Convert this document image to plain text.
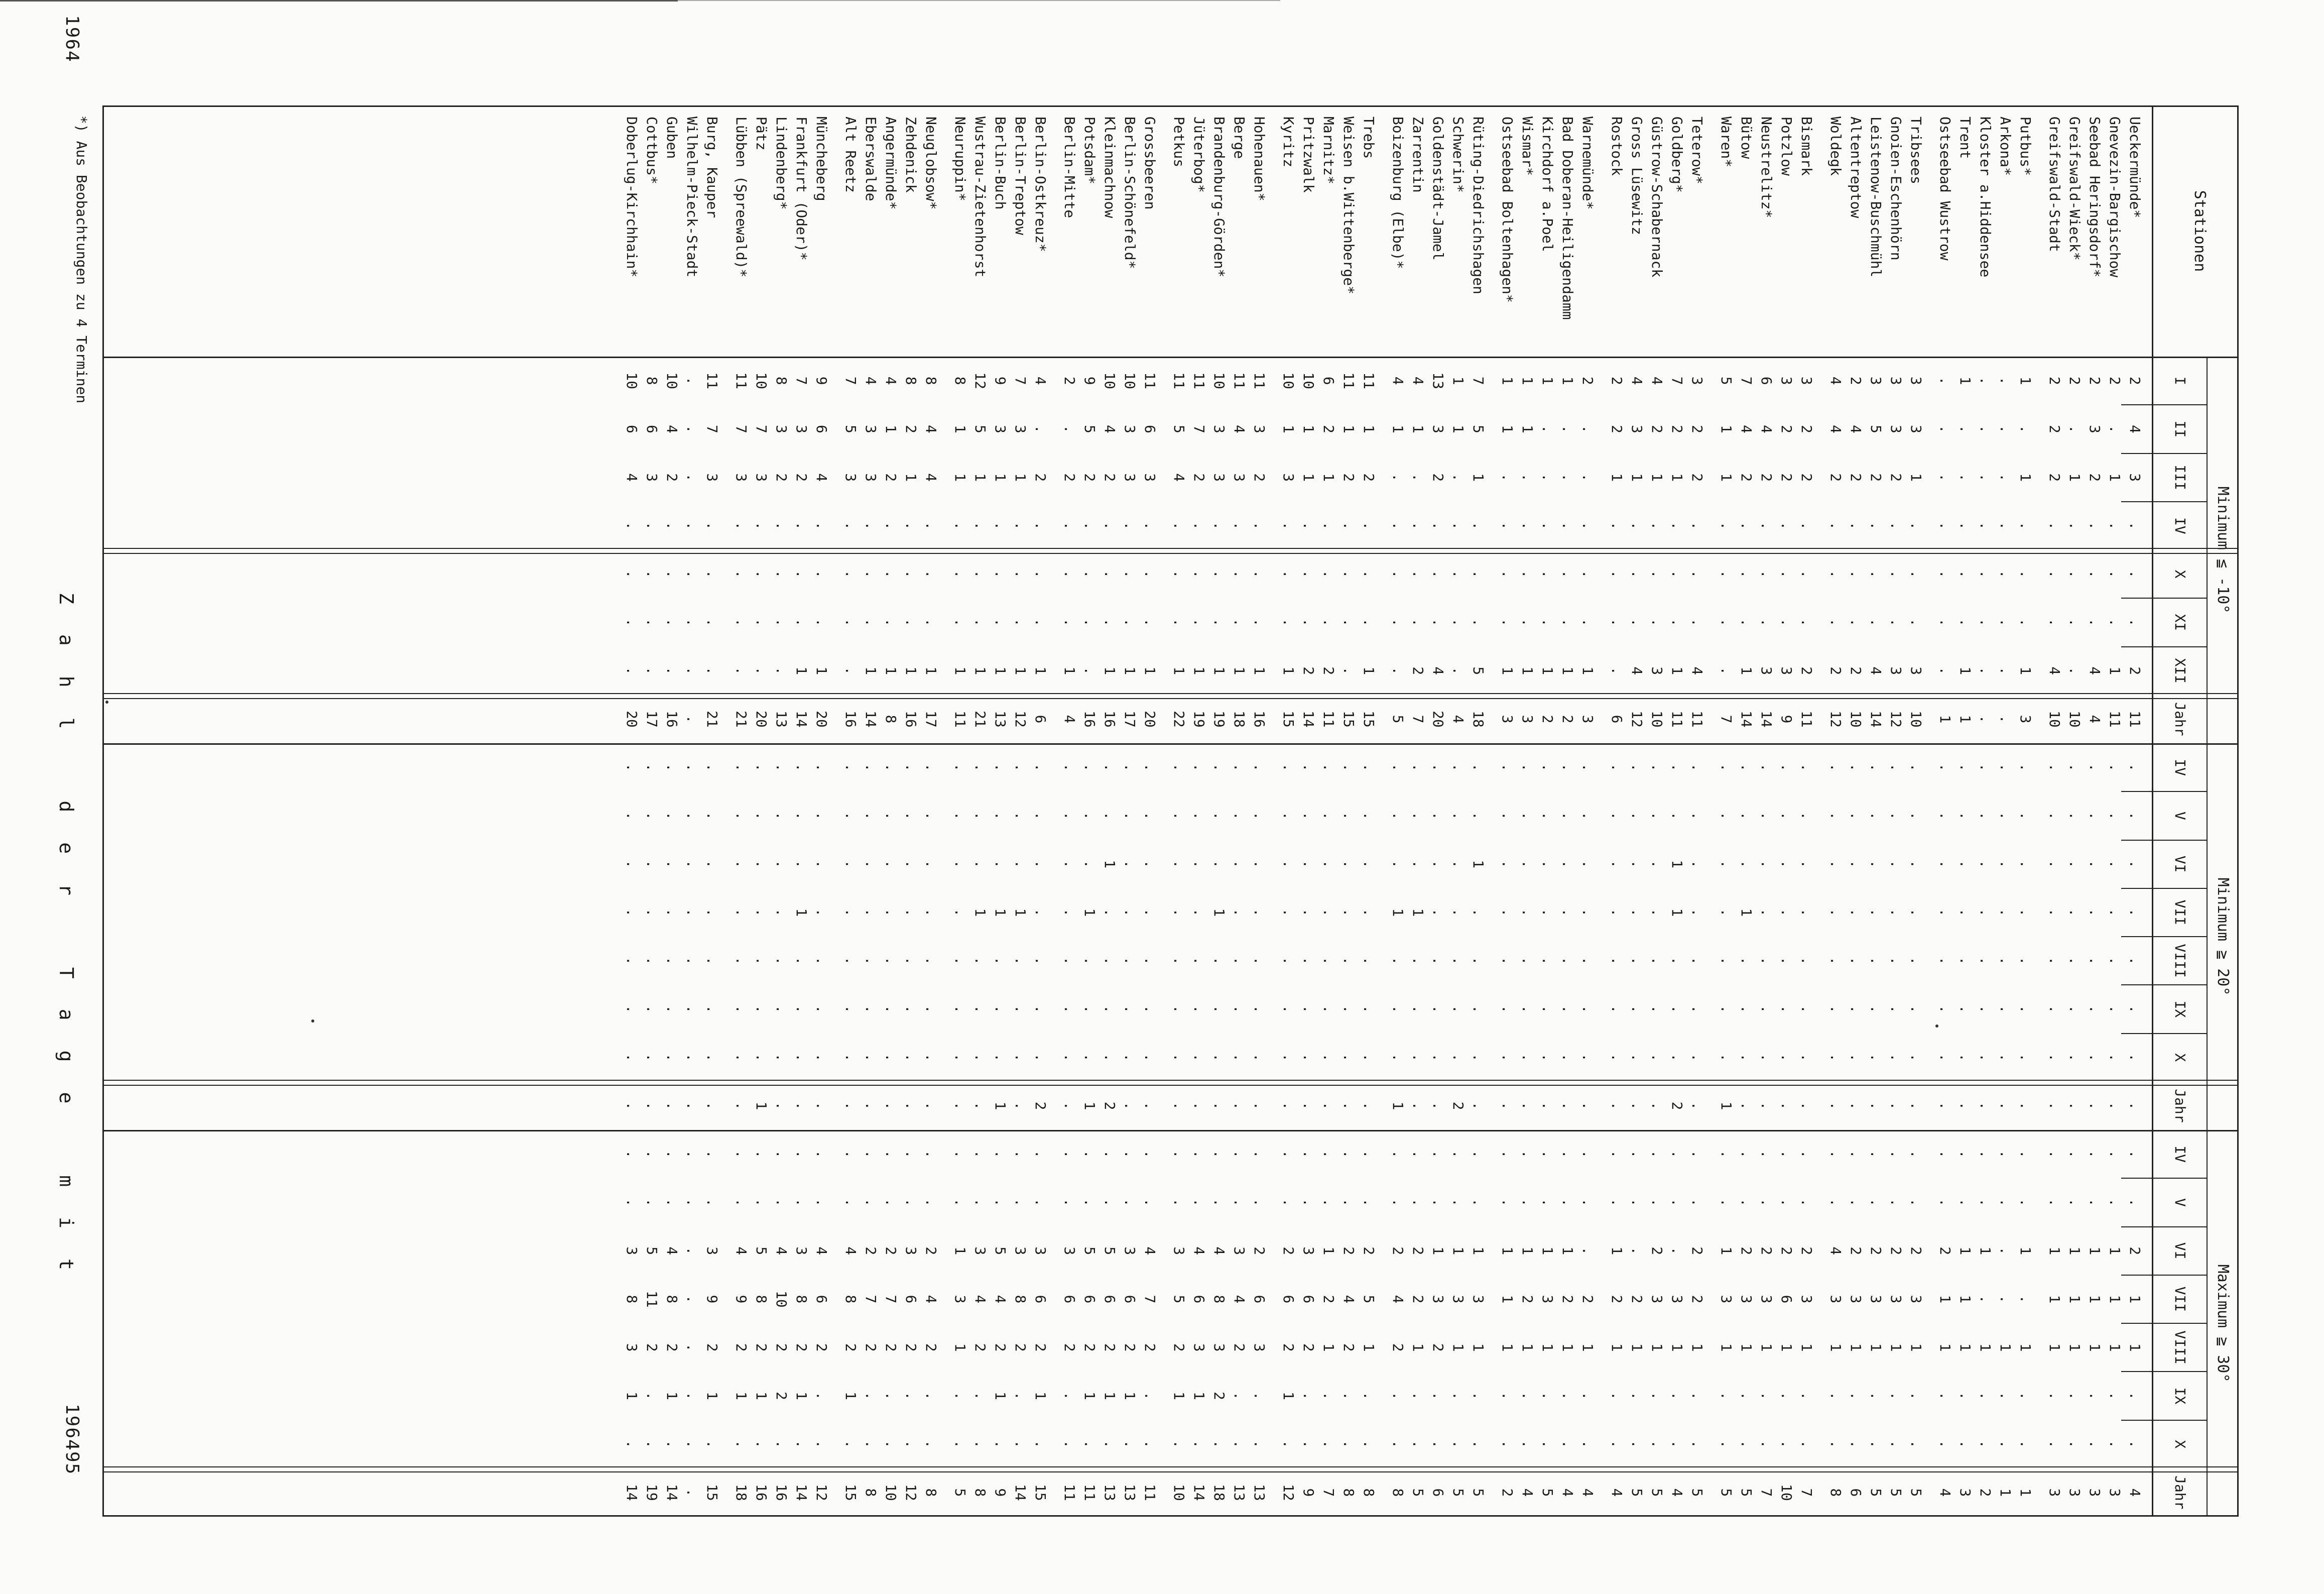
1964
Zahl der Tage mit
1964
95
Stationen
Minimum ≦ -10°
I
II
III
IV
X
XI
XII
Jahr
Minimum ≧ 20°
IV
V
VI
VII
VIII
IX
X
Jahr
Maximum ≧ 30°
IV
V
VI
VII
VIII
IX
X
Jahr
Ueckermünde*
2
4
3
.
.
.
2
11
.
.
.
.
.
.
.
.
.
.
2
1
1
.
.
4
Gnevezin-Bargischow
2
.
1
.
.
.
1
11
.
.
.
.
.
.
.
.
.
.
1
1
1
.
.
3
Seebad Heringsdorf*
2
3
2
.
.
.
4
4
.
.
.
.
.
.
.
.
.
.
1
1
1
.
.
3
Greifswald-Wieck*
2
.
1
.
.
.
.
10
.
.
.
.
.
.
.
.
.
.
1
1
1
.
.
3
Greifswald-Stadt
2
2
2
.
.
.
4
10
.
.
.
.
.
.
.
.
.
.
1
1
1
.
.
3
Putbus*
1
.
1
.
.
.
1
3
.
.
.
.
.
.
.
.
.
.
1
.
1
.
.
1
Arkona*
.
.
.
.
.
.
.
.
.
.
.
.
.
.
.
.
.
.
.
.
1
.
.
1
Kloster a.Hiddensee
.
.
.
.
.
.
.
.
.
.
.
.
.
.
.
.
.
.
1
.
1
.
.
2
Trent
1
.
.
.
.
.
1
1
.
.
.
.
.
.
.
.
.
.
1
1
1
.
.
3
Ostseebad Wustrow
.
.
.
.
.
.
.
1
.
.
.
.
.
.
.
.
.
.
2
1
1
.
.
4
Tribsees
3
3
1
.
.
.
3
10
.
.
.
.
.
.
.
.
.
.
2
3
1
.
.
5
Gnoien-Eschenhörn
3
3
2
.
.
.
3
12
.
.
.
.
.
.
.
.
.
.
2
3
1
.
.
5
Leistenow-Buschmühl
3
5
2
.
.
.
4
14
.
.
.
.
.
.
.
.
.
.
2
3
1
.
.
5
Altentreptow
2
4
2
.
.
.
2
10
.
.
.
.
.
.
.
.
.
.
2
3
1
.
.
6
Woldegk
4
4
2
.
.
.
2
12
.
.
.
.
.
.
.
.
.
.
4
3
1
.
.
8
Bismark
3
2
2
.
.
.
2
11
.
.
.
.
.
.
.
.
.
.
2
3
1
.
.
7
Potzlow
3
2
2
.
.
.
3
9
.
.
.
.
.
.
.
.
.
.
2
6
1
.
.
10
Neustrelitz*
6
4
2
.
.
.
3
14
.
.
.
.
.
.
.
.
.
.
2
3
1
.
.
7
Bütow
7
4
2
.
.
.
1
14
.
.
.
1
.
.
.
.
.
.
2
3
1
.
.
5
Waren*
5
1
1
.
.
.
.
7
.
.
.
.
.
.
.
1
.
.
1
3
1
.
.
5
Teterow*
3
2
2
.
.
.
4
11
.
.
.
.
.
.
.
.
.
.
2
2
1
.
.
5
Goldberg*
7
2
1
.
.
.
1
11
.
.
1
1
.
.
.
2
.
.
.
3
1
.
.
4
Güstrow-Schabernack
4
2
1
.
.
.
3
10
.
.
.
.
.
.
.
.
.
.
2
3
1
.
.
5
Gross Lüsewitz
4
3
1
.
.
.
4
12
.
.
.
.
.
.
.
.
.
.
.
2
1
.
.
5
Rostock
2
2
1
.
.
.
.
6
.
.
.
.
.
.
.
.
.
.
1
2
1
.
.
4
Warnemünde*
2
.
.
.
.
.
1
3
.
.
.
.
.
.
.
.
.
.
.
2
1
.
.
4
Bad Doberan-Heiligendamm
1
.
.
.
.
.
1
2
.
.
.
.
.
.
.
.
.
.
1
2
1
.
.
4
Kirchdorf a.Poel
1
.
.
.
.
.
1
2
.
.
.
.
.
.
.
.
.
.
1
3
1
.
.
5
Wismar*
1
1
.
.
.
.
1
3
.
.
.
.
.
.
.
.
.
.
1
2
1
.
.
4
Ostseebad Boltenhagen*
1
1
.
.
.
.
1
3
.
.
.
.
.
.
.
.
.
.
1
1
1
.
.
2
Rüting-Diedrichshagen
7
5
1
.
.
.
5
18
.
.
1
.
.
.
.
.
.
.
1
3
1
.
.
5
Schwerin*
1
1
.
.
.
.
.
4
.
.
.
.
.
.
.
2
.
.
1
3
1
.
.
5
Goldenstädt-Jamel
13
3
2
.
.
.
4
20
.
.
.
.
.
.
.
.
.
.
1
3
2
.
.
6
Zarrentin
4
1
.
.
.
.
2
7
.
.
.
1
.
.
.
.
.
.
2
2
1
.
.
5
Boizenburg (Elbe)*
4
1
.
.
.
.
.
5
.
.
.
1
.
.
.
1
.
.
2
4
2
.
.
8
Trebs
11
1
2
.
.
.
1
15
.
.
.
.
.
.
.
.
.
.
2
5
1
.
.
8
Weisen b.Wittenberge*
11
1
2
.
.
.
.
15
.
.
.
.
.
.
.
.
.
.
2
4
2
.
.
8
Marnitz*
6
2
1
.
.
.
2
11
.
.
.
.
.
.
.
.
.
.
1
2
1
.
.
7
Pritzwalk
10
1
1
.
.
.
2
14
.
.
.
.
.
.
.
.
.
.
3
6
2
.
.
9
Kyritz
10
1
3
.
.
.
1
15
.
.
.
.
.
.
.
.
.
.
2
6
2
1
.
12
Hohenauen*
11
3
2
.
.
.
1
16
.
.
.
.
.
.
.
.
.
.
2
6
3
.
.
13
Berge
11
4
3
.
.
.
1
18
.
.
.
.
.
.
.
.
.
.
3
4
2
.
.
13
Brandenburg-Görden*
10
3
3
.
.
.
1
19
.
.
.
1
.
.
.
.
.
.
4
8
3
2
.
18
Jüterbog*
11
7
2
.
.
.
1
19
.
.
.
.
.
.
.
.
.
.
4
6
3
1
.
14
Petkus
11
5
4
.
.
.
1
22
.
.
.
.
.
.
.
.
.
.
3
5
2
1
.
10
Grossbeeren
11
6
3
.
.
.
1
20
.
.
.
.
.
.
.
.
.
.
4
7
2
.
.
11
Berlin-Schönefeld*
10
3
3
.
.
.
1
17
.
.
.
.
.
.
.
.
.
.
3
6
2
1
.
13
Kleinmachnow
10
4
2
.
.
.
1
16
.
.
1
.
.
.
.
2
.
.
5
6
2
1
.
13
Potsdam*
9
5
2
.
.
.
.
16
.
.
.
1
.
.
.
1
.
.
5
6
2
1
.
11
Berlin-Mitte
2
.
2
.
.
.
1
4
.
.
.
.
.
.
.
.
.
.
3
6
2
.
.
11
Berlin-Ostkreuz*
4
.
2
.
.
.
1
6
.
.
.
.
.
.
.
2
.
.
3
6
2
1
.
15
Berlin-Treptow
7
3
1
.
.
.
1
12
.
.
.
1
.
.
.
.
.
.
3
8
2
.
.
14
Berlin-Buch
9
3
1
.
.
.
1
13
.
.
.
1
.
.
.
1
.
.
5
4
2
1
.
9
Wustrau-Zietenhorst
12
5
1
.
.
.
1
21
.
.
.
1
.
.
.
.
.
.
3
4
2
.
.
8
Neuruppin*
8
1
1
.
.
.
1
11
.
.
.
.
.
.
.
.
.
.
1
3
1
.
.
5
Neuglobsow*
8
4
4
.
.
.
1
17
.
.
.
.
.
.
.
.
.
.
2
4
2
.
.
8
Zehdenick
8
2
1
.
.
.
1
16
.
.
.
.
.
.
.
.
.
.
3
6
2
.
.
12
Angermünde*
4
1
2
.
.
.
1
8
.
.
.
.
.
.
.
.
.
.
2
7
2
.
.
10
Eberswalde
4
3
3
.
.
.
1
14
.
.
.
.
.
.
.
.
.
.
2
7
2
.
.
8
Alt Reetz
7
5
3
.
.
.
.
16
.
.
.
.
.
.
.
.
.
.
4
8
2
1
.
15
Müncheberg
9
6
4
.
.
.
1
20
.
.
.
.
.
.
.
.
.
.
4
6
2
.
.
12
Frankfurt (Oder)*
7
3
2
.
.
.
1
14
.
.
.
1
.
.
.
.
.
.
3
8
2
1
.
14
Lindenberg*
8
3
2
.
.
.
.
13
.
.
.
.
.
.
.
.
.
.
4
10
2
2
.
16
Pätz
10
7
3
.
.
.
.
20
.
.
.
.
.
.
.
1
.
.
5
8
2
1
.
16
Lübben (Spreewald)*
11
7
3
.
.
.
.
21
.
.
.
.
.
.
.
.
.
.
4
9
2
1
.
18
Burg, Kauper
11
7
3
.
.
.
.
21
.
.
.
.
.
.
.
.
.
.
3
9
2
1
.
15
Wilhelm-Pieck-Stadt
.
.
.
.
.
.
.
.
.
.
.
.
.
.
.
.
.
.
.
.
.
.
.
.
Guben
10
4
2
.
.
.
.
16
.
.
.
.
.
.
.
.
.
.
4
8
2
1
.
14
Cottbus*
8
6
3
.
.
.
.
17
.
.
.
.
.
.
.
.
.
.
5
11
2
.
.
19
Doberlug-Kirchhain*
10
6
4
.
.
.
.
20
.
.
.
.
.
.
.
.
.
.
3
8
3
1
.
14
*) Aus Beobachtungen zu 4 Terminen
